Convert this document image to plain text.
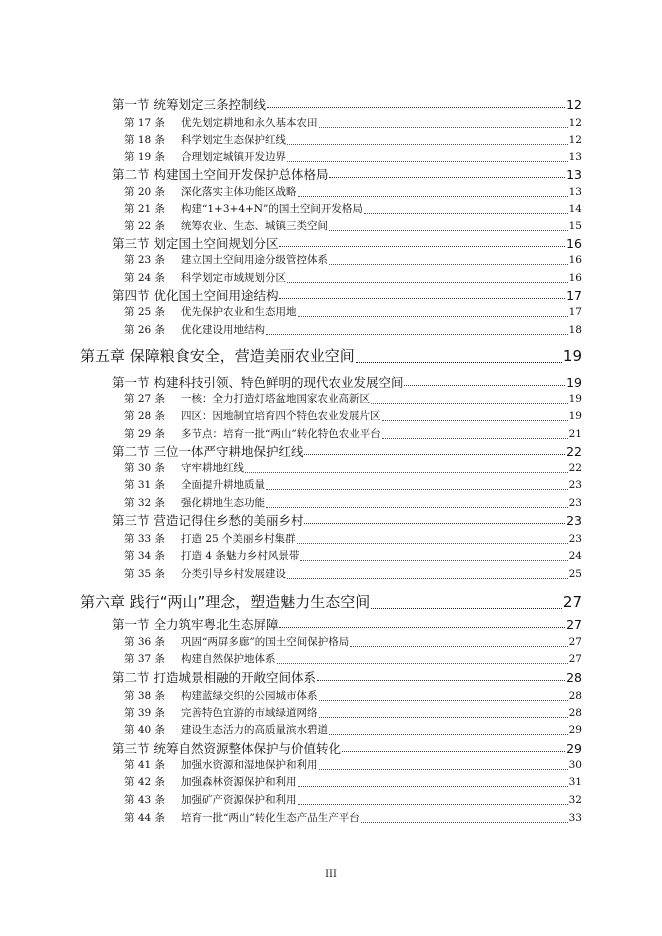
第一节 统筹划定三条控制线	12
第 17 条 优先划定耕地和永久基本农田	12
第 18 条 科学划定生态保护红线	12
第 19 条 合理划定城镇开发边界	13
第二节 构建国土空间开发保护总体格局	13
第 20 条 深化落实主体功能区战略	13
第 21 条 构建“1+3+4+N”的国土空间开发格局	14
第 22 条 统筹农业、生态、城镇三类空间	15
第三节 划定国土空间规划分区	16
第 23 条 建立国土空间用途分级管控体系	16
第 24 条 科学划定市域规划分区	16
第四节 优化国土空间用途结构	17
第 25 条 优先保护农业和生态用地	17
第 26 条 优化建设用地结构	18
第五章 保障粮食安全，营造美丽农业空间	19
第一节 构建科技引领、特色鲜明的现代农业发展空间	19
第 27 条 一核：全力打造灯塔盆地国家农业高新区	19
第 28 条 四区：因地制宜培育四个特色农业发展片区	19
第 29 条 多节点：培育一批“两山”转化特色农业平台	21
第二节 三位一体严守耕地保护红线	22
第 30 条 守牢耕地红线	22
第 31 条 全面提升耕地质量	23
第 32 条 强化耕地生态功能	23
第三节 营造记得住乡愁的美丽乡村	23
第 33 条 打造 25 个美丽乡村集群	23
第 34 条 打造 4 条魅力乡村风景带	24
第 35 条 分类引导乡村发展建设	25
第六章 践行“两山”理念，塑造魅力生态空间	27
第一节 全力筑牢粤北生态屏障	27
第 36 条 巩固“两屏多廊”的国土空间保护格局	27
第 37 条 构建自然保护地体系	27
第二节 打造城景相融的开敞空间体系	28
第 38 条 构建蓝绿交织的公园城市体系	28
第 39 条 完善特色宜游的市域绿道网络	28
第 40 条 建设生态活力的高质量滨水碧道	29
第三节 统筹自然资源整体保护与价值转化	29
第 41 条 加强水资源和湿地保护和利用	30
第 42 条 加强森林资源保护和利用	31
第 43 条 加强矿产资源保护和利用	32
第 44 条 培育一批“两山”转化生态产品生产平台	33
III
